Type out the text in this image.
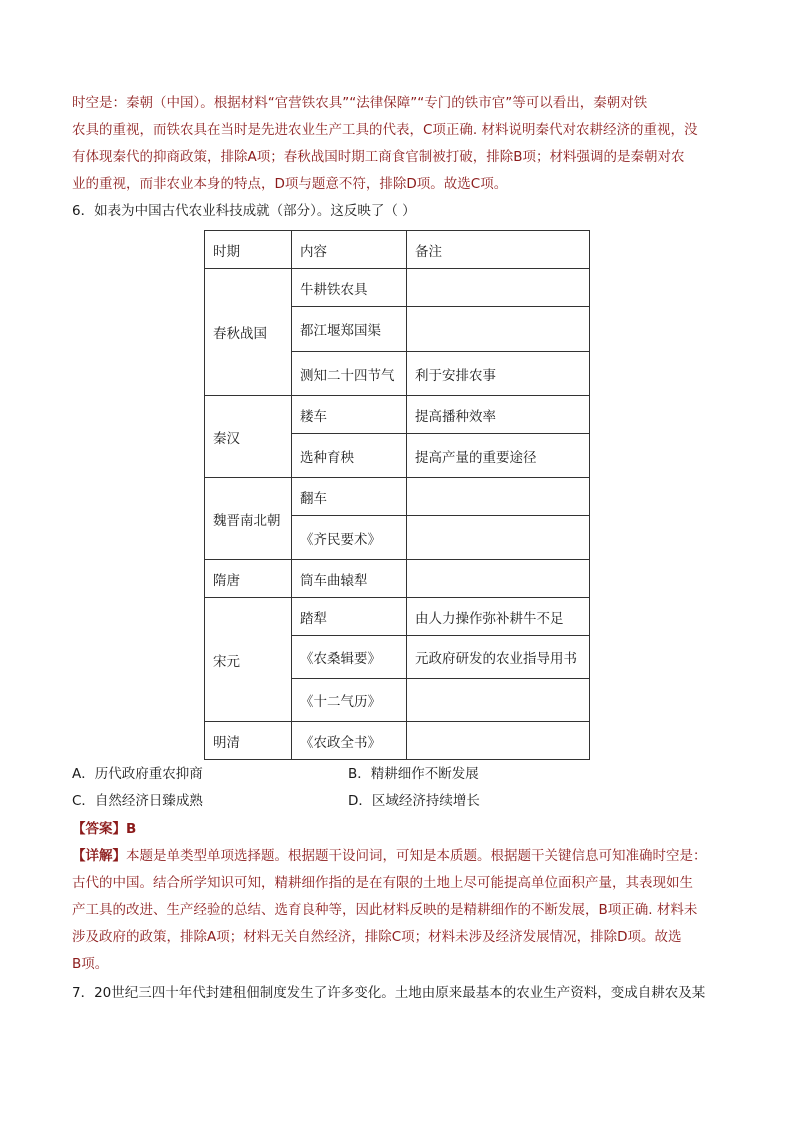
时空是：秦朝（中国）。根据材料“官营铁农具”“法律保障”“专门的铁市官”等可以看出，秦朝对铁
农具的重视，而铁农具在当时是先进农业生产工具的代表，C项正确. 材料说明秦代对农耕经济的重视，没
有体现秦代的抑商政策，排除A项；春秋战国时期工商食官制被打破，排除B项；材料强调的是秦朝对农
业的重视，而非农业本身的特点，D项与题意不符，排除D项。故选C项。
6．如表为中国古代农业科技成就（部分）。这反映了（ ）
时期	内容	备注
春秋战国	牛耕铁农具	
	都江堰郑国渠	
	测知二十四节气	利于安排农事
秦汉	耧车	提高播种效率
	选种育秧	提高产量的重要途径
魏晋南北朝	翻车	
	《齐民要术》	
隋唐	筒车曲辕犁	
宋元	踏犁	由人力操作弥补耕牛不足
	《农桑辑要》	元政府研发的农业指导用书
	《十二气历》	
明清	《农政全书》	
A．历代政府重农抑商	B．精耕细作不断发展
C．自然经济日臻成熟	D．区域经济持续增长
【答案】B
【详解】本题是单类型单项选择题。根据题干设问词，可知是本质题。根据题干关键信息可知准确时空是：
古代的中国。结合所学知识可知，精耕细作指的是在有限的土地上尽可能提高单位面积产量，其表现如生
产工具的改进、生产经验的总结、选育良种等，因此材料反映的是精耕细作的不断发展，B项正确. 材料未
涉及政府的政策，排除A项；材料无关自然经济，排除C项；材料未涉及经济发展情况，排除D项。故选
B项。
7．20世纪三四十年代封建租佃制度发生了许多变化。土地由原来最基本的农业生产资料，变成自耕农及某
